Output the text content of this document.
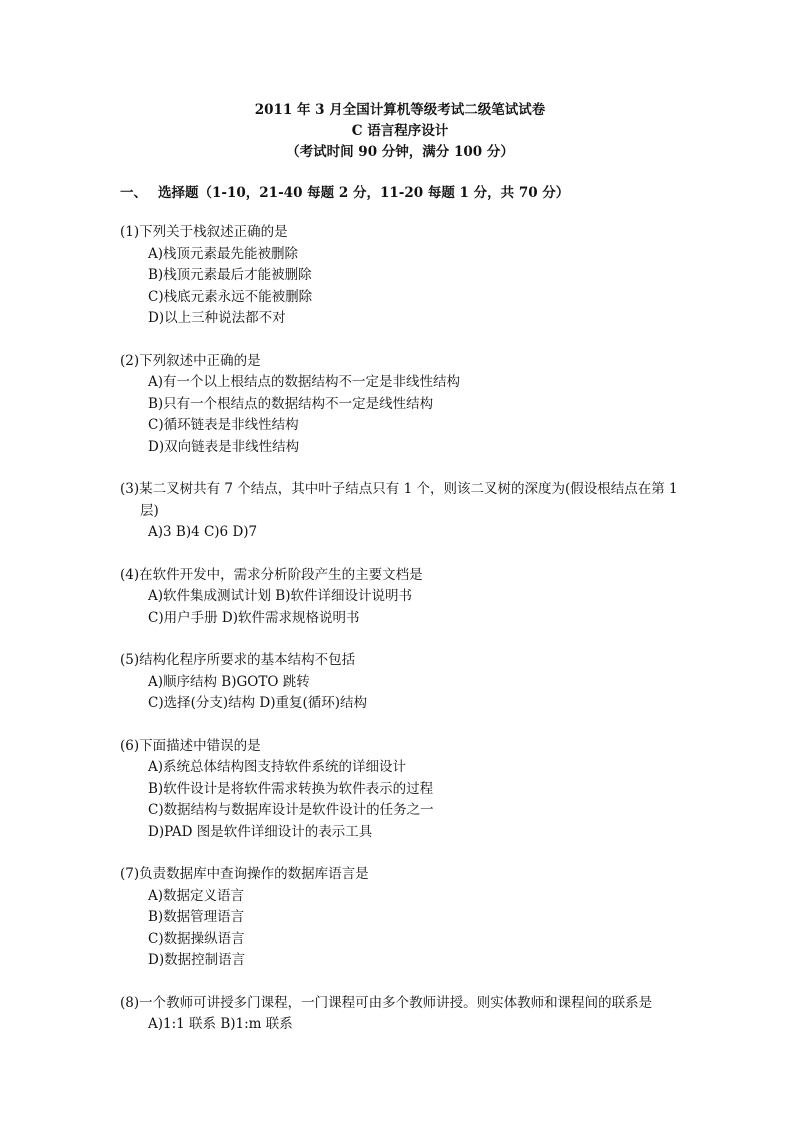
2011 年 3 月全国计算机等级考试二级笔试试卷
C 语言程序设计
（考试时间 90 分钟，满分 100 分）
一、 选择题（1-10，21-40 每题 2 分，11-20 每题 1 分，共 70 分）
(1)下列关于栈叙述正确的是
A)栈顶元素最先能被删除
B)栈顶元素最后才能被删除
C)栈底元素永远不能被删除
D)以上三种说法都不对
(2)下列叙述中正确的是
A)有一个以上根结点的数据结构不一定是非线性结构
B)只有一个根结点的数据结构不一定是线性结构
C)循环链表是非线性结构
D)双向链表是非线性结构
(3)某二叉树共有 7 个结点，其中叶子结点只有 1 个，则该二叉树的深度为(假设根结点在第 1 层)
A)3 B)4 C)6 D)7
(4)在软件开发中，需求分析阶段产生的主要文档是
A)软件集成测试计划 B)软件详细设计说明书
C)用户手册 D)软件需求规格说明书
(5)结构化程序所要求的基本结构不包括
A)顺序结构 B)GOTO 跳转
C)选择(分支)结构 D)重复(循环)结构
(6)下面描述中错误的是
A)系统总体结构图支持软件系统的详细设计
B)软件设计是将软件需求转换为软件表示的过程
C)数据结构与数据库设计是软件设计的任务之一
D)PAD 图是软件详细设计的表示工具
(7)负责数据库中查询操作的数据库语言是
A)数据定义语言
B)数据管理语言
C)数据操纵语言
D)数据控制语言
(8)一个教师可讲授多门课程，一门课程可由多个教师讲授。则实体教师和课程间的联系是
A)1:1 联系 B)1:m 联系
